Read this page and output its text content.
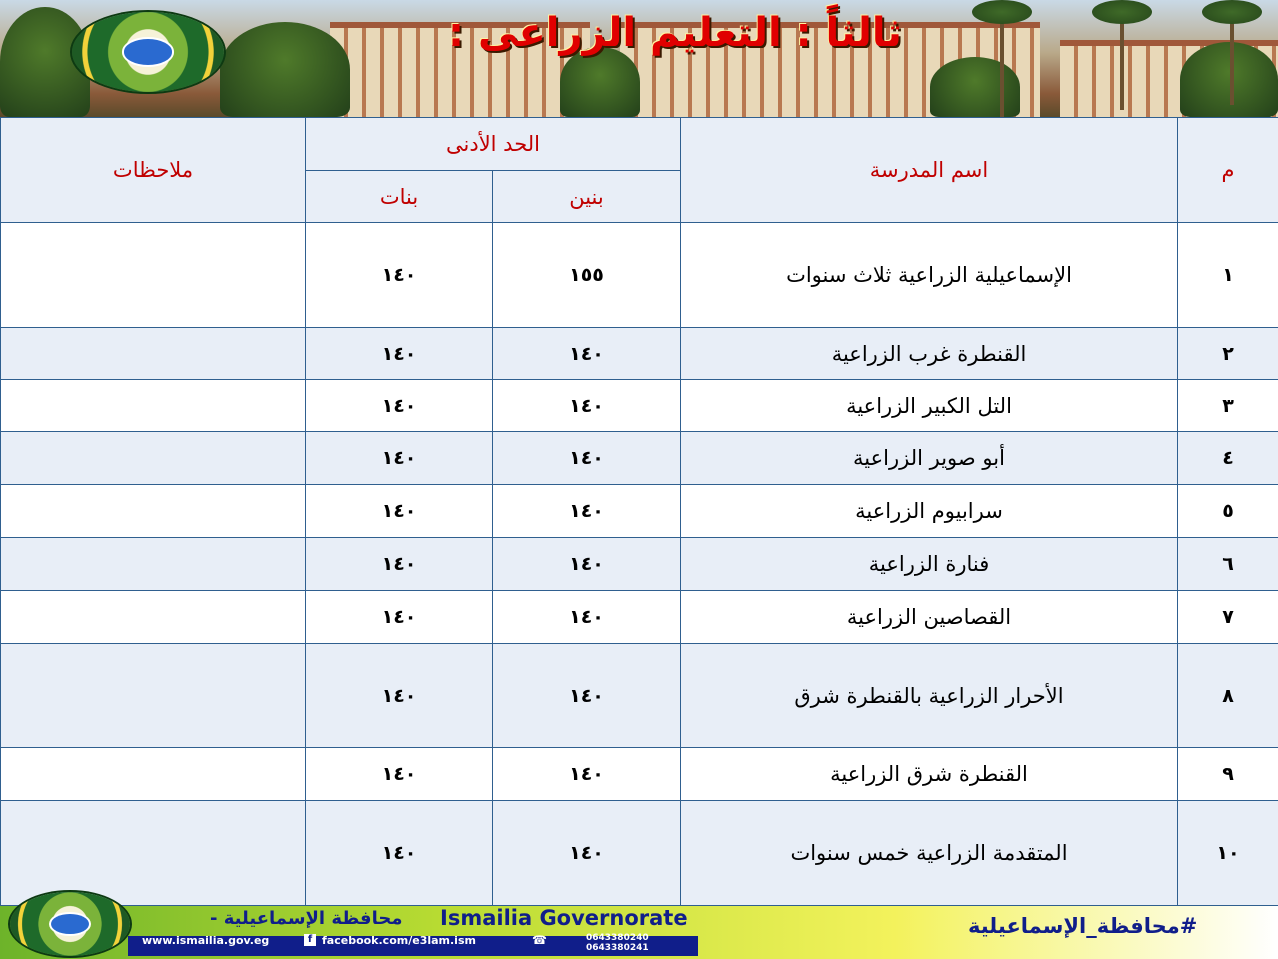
ثالثاً : التعليم الزراعى :
م	اسم المدرسة	الحد الأدنى		ملاحظات
		بنين	بنات	
١	الإسماعيلية الزراعية ثلاث سنوات	١٥٥	١٤٠	
٢	القنطرة غرب الزراعية	١٤٠	١٤٠	
٣	التل الكبير الزراعية	١٤٠	١٤٠	
٤	أبو صوير الزراعية	١٤٠	١٤٠	
٥	سرابيوم الزراعية	١٤٠	١٤٠	
٦	فنارة الزراعية	١٤٠	١٤٠	
٧	القصاصين الزراعية	١٤٠	١٤٠	
٨	الأحرار الزراعية بالقنطرة شرق	١٤٠	١٤٠	
٩	القنطرة شرق الزراعية	١٤٠	١٤٠	
١٠	المتقدمة الزراعية خمس سنوات	١٤٠	١٤٠	
محافظة الإسماعيلية - Ismailia Governorate
www.ismailia.gov.eg	f facebook.com/e3lam.ism	☎	0643380240
0643380241
#محافظة_الإسماعيلية
